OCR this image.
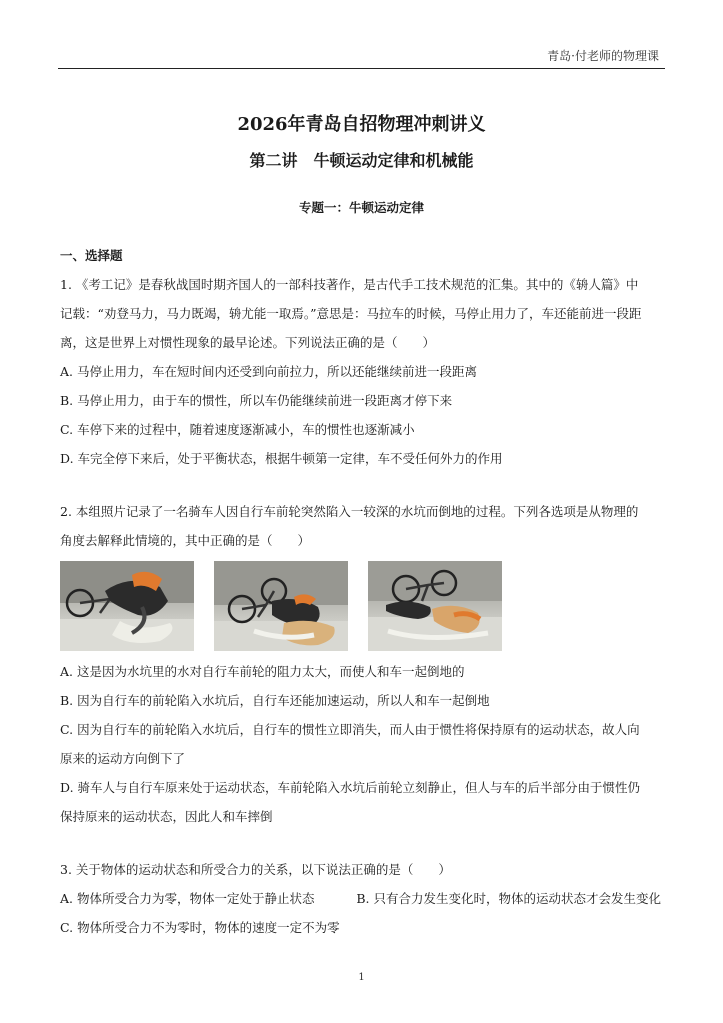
青岛·付老师的物理课
2026年青岛自招物理冲刺讲义
第二讲　牛顿运动定律和机械能
专题一：牛顿运动定律
一、选择题
1. 《考工记》是春秋战国时期齐国人的一部科技著作，是古代手工技术规范的汇集。其中的《辀人篇》中
记载：“劝登马力，马力既竭，辀尤能一取焉。”意思是：马拉车的时候，马停止用力了，车还能前进一段距
离，这是世界上对惯性现象的最早论述。下列说法正确的是（　　）
A. 马停止用力，车在短时间内还受到向前拉力，所以还能继续前进一段距离
B. 马停止用力，由于车的惯性，所以车仍能继续前进一段距离才停下来
C. 车停下来的过程中，随着速度逐渐减小，车的惯性也逐渐减小
D. 车完全停下来后，处于平衡状态，根据牛顿第一定律，车不受任何外力的作用
2. 本组照片记录了一名骑车人因自行车前轮突然陷入一较深的水坑而倒地的过程。下列各选项是从物理的
角度去解释此情境的，其中正确的是（　　）
A. 这是因为水坑里的水对自行车前轮的阻力太大，而使人和车一起倒地的
B. 因为自行车的前轮陷入水坑后，自行车还能加速运动，所以人和车一起倒地
C. 因为自行车的前轮陷入水坑后，自行车的惯性立即消失，而人由于惯性将保持原有的运动状态，故人向
原来的运动方向倒下了
D. 骑车人与自行车原来处于运动状态，车前轮陷入水坑后前轮立刻静止，但人与车的后半部分由于惯性仍
保持原来的运动状态，因此人和车摔倒
3. 关于物体的运动状态和所受合力的关系，以下说法正确的是（　　）
A. 物体所受合力为零，物体一定处于静止状态	B. 只有合力发生变化时，物体的运动状态才会发生变化
C. 物体所受合力不为零时，物体的速度一定不为零
1
